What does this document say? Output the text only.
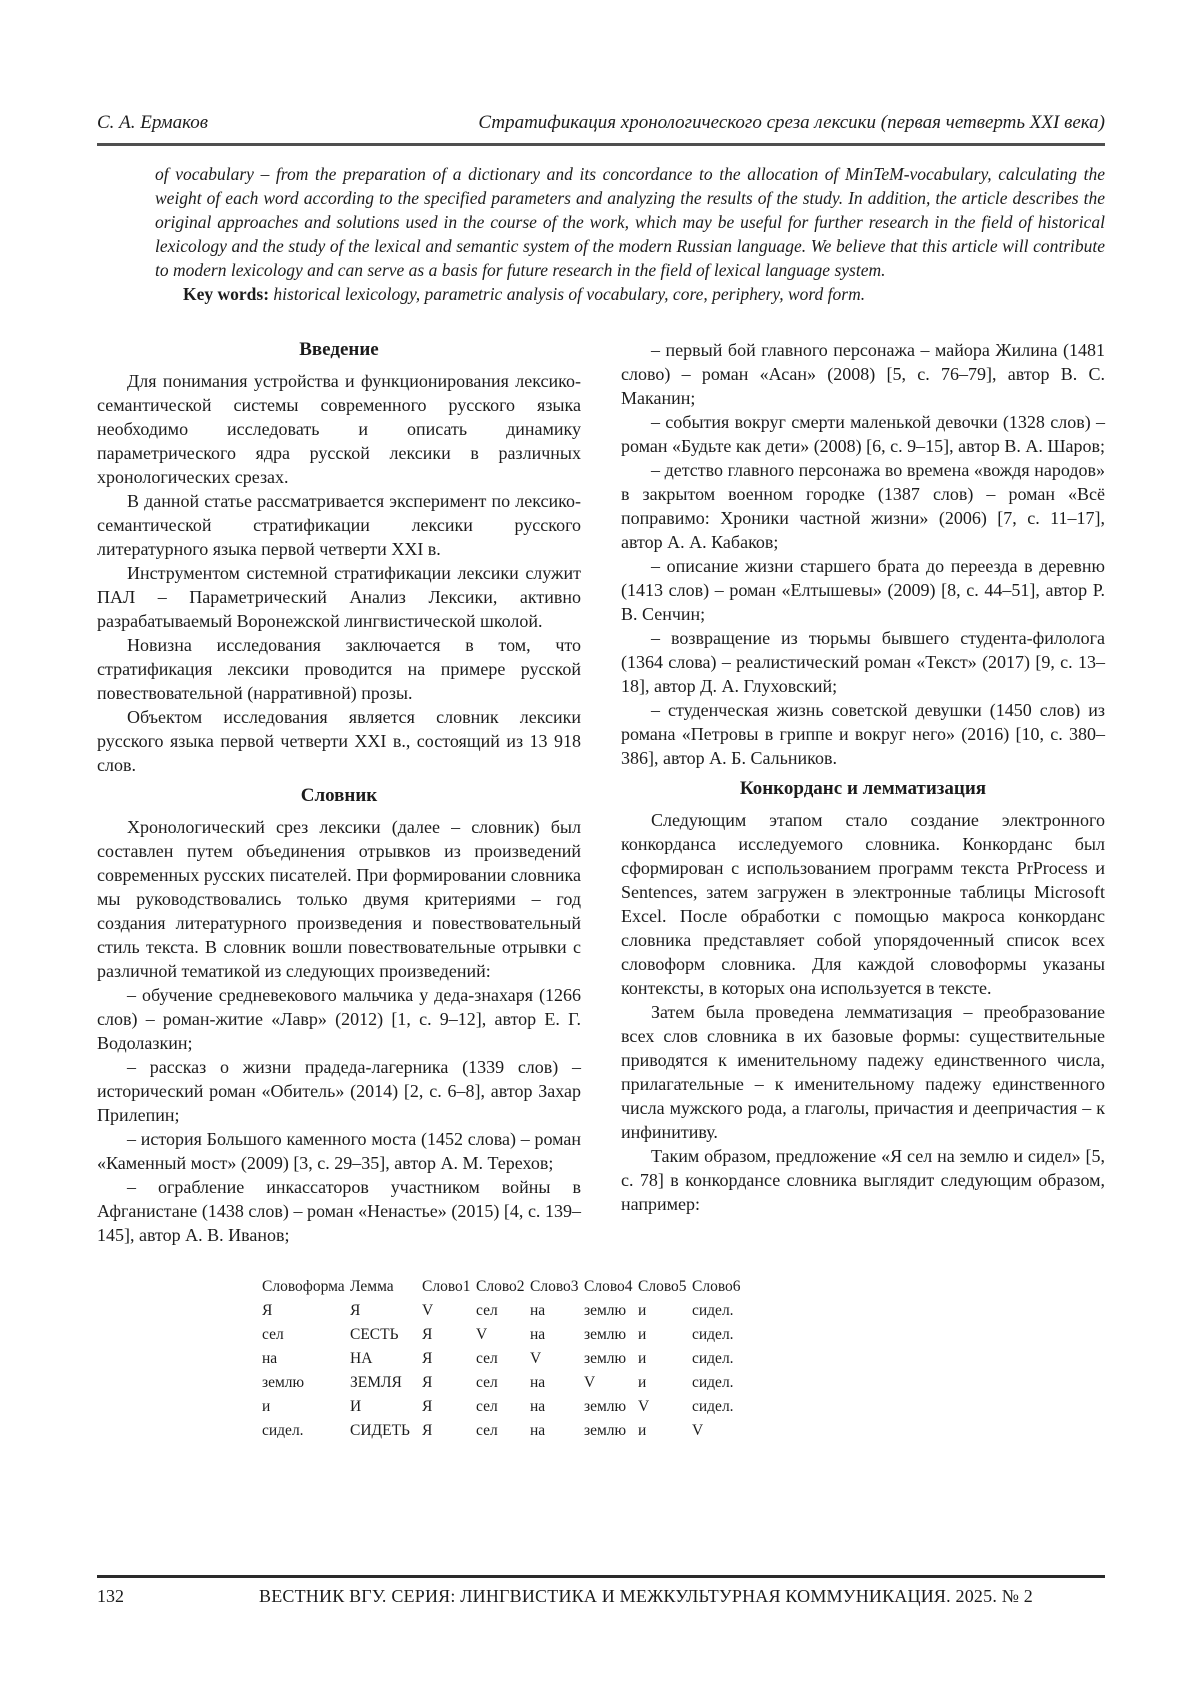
С. А. Ермаков	Стратификация хронологического среза лексики (первая четверть XXI века)

of vocabulary – from the preparation of a dictionary and its concordance to the allocation of MinTeM-vocabulary, calculating the weight of each word according to the specified parameters and analyzing the results of the study. In addition, the article describes the original approaches and solutions used in the course of the work, which may be useful for further research in the field of historical lexicology and the study of the lexical and semantic system of the modern Russian language. We believe that this article will contribute to modern lexicology and can serve as a basis for future research in the field of lexical language system.

Key words: historical lexicology, parametric analysis of vocabulary, core, periphery, word form.

Введение

Для понимания устройства и функционирования лексико-семантической системы современного русского языка необходимо исследовать и описать динамику параметрического ядра русской лексики в различных хронологических срезах.

В данной статье рассматривается эксперимент по лексико-семантической стратификации лексики русского литературного языка первой четверти XXI в.

Инструментом системной стратификации лексики служит ПАЛ – Параметрический Анализ Лексики, активно разрабатываемый Воронежской лингвистической школой.

Новизна исследования заключается в том, что стратификация лексики проводится на примере русской повествовательной (нарративной) прозы.

Объектом исследования является словник лексики русского языка первой четверти XXI в., состоящий из 13 918 слов.

Словник

Хронологический срез лексики (далее – словник) был составлен путем объединения отрывков из произведений современных русских писателей. При формировании словника мы руководствовались только двумя критериями – год создания литературного произведения и повествовательный стиль текста. В словник вошли повествовательные отрывки с различной тематикой из следующих произведений:

– обучение средневекового мальчика у деда-знахаря (1266 слов) – роман-житие «Лавр» (2012) [1, с. 9–12], автор Е. Г. Водолазкин;

– рассказ о жизни прадеда-лагерника (1339 слов) – исторический роман «Обитель» (2014) [2, с. 6–8], автор Захар Прилепин;

– история Большого каменного моста (1452 слова) – роман «Каменный мост» (2009) [3, с. 29–35], автор А. М. Терехов;

– ограбление инкассаторов участником войны в Афганистане (1438 слов) – роман «Ненастье» (2015) [4, с. 139–145], автор А. В. Иванов;

– первый бой главного персонажа – майора Жилина (1481 слово) – роман «Асан» (2008) [5, с. 76–79], автор В. С. Маканин;

– события вокруг смерти маленькой девочки (1328 слов) – роман «Будьте как дети» (2008) [6, с. 9–15], автор В. А. Шаров;

– детство главного персонажа во времена «вождя народов» в закрытом военном городке (1387 слов) – роман «Всё поправимо: Хроники частной жизни» (2006) [7, с. 11–17], автор А. А. Кабаков;

– описание жизни старшего брата до переезда в деревню (1413 слов) – роман «Елтышевы» (2009) [8, с. 44–51], автор Р. В. Сенчин;

– возвращение из тюрьмы бывшего студента-филолога (1364 слова) – реалистический роман «Текст» (2017) [9, с. 13–18], автор Д. А. Глуховский;

– студенческая жизнь советской девушки (1450 слов) из романа «Петровы в гриппе и вокруг него» (2016) [10, с. 380–386], автор А. Б. Сальников.

Конкорданс и лемматизация

Следующим этапом стало создание электронного конкорданса исследуемого словника. Конкорданс был сформирован с использованием программ текста PrProcess и Sentences, затем загружен в электронные таблицы Microsoft Excel. После обработки с помощью макроса конкорданс словника представляет собой упорядоченный список всех словоформ словника. Для каждой словоформы указаны контексты, в которых она используется в тексте.

Затем была проведена лемматизация – преобразование всех слов словника в их базовые формы: существительные приводятся к именительному падежу единственного числа, прилагательные – к именительному падежу единственного числа мужского рода, а глаголы, причастия и деепричастия – к инфинитиву.

Таким образом, предложение «Я сел на землю и сидел» [5, с. 78] в конкордансе словника выглядит следующим образом, например:

Словоформа	Лемма	Слово1	Слово2	Слово3	Слово4	Слово5	Слово6
Я	Я	V	сел	на	землю	и	сидел.
сел	СЕСТЬ	Я	V	на	землю	и	сидел.
на	НА	Я	сел	V	землю	и	сидел.
землю	ЗЕМЛЯ	Я	сел	на	V	и	сидел.
и	И	Я	сел	на	землю	V	сидел.
сидел.	СИДЕТЬ	Я	сел	на	землю	и	V
132	ВЕСТНИК ВГУ. СЕРИЯ: ЛИНГВИСТИКА И МЕЖКУЛЬТУРНАЯ КОММУНИКАЦИЯ. 2025. № 2
